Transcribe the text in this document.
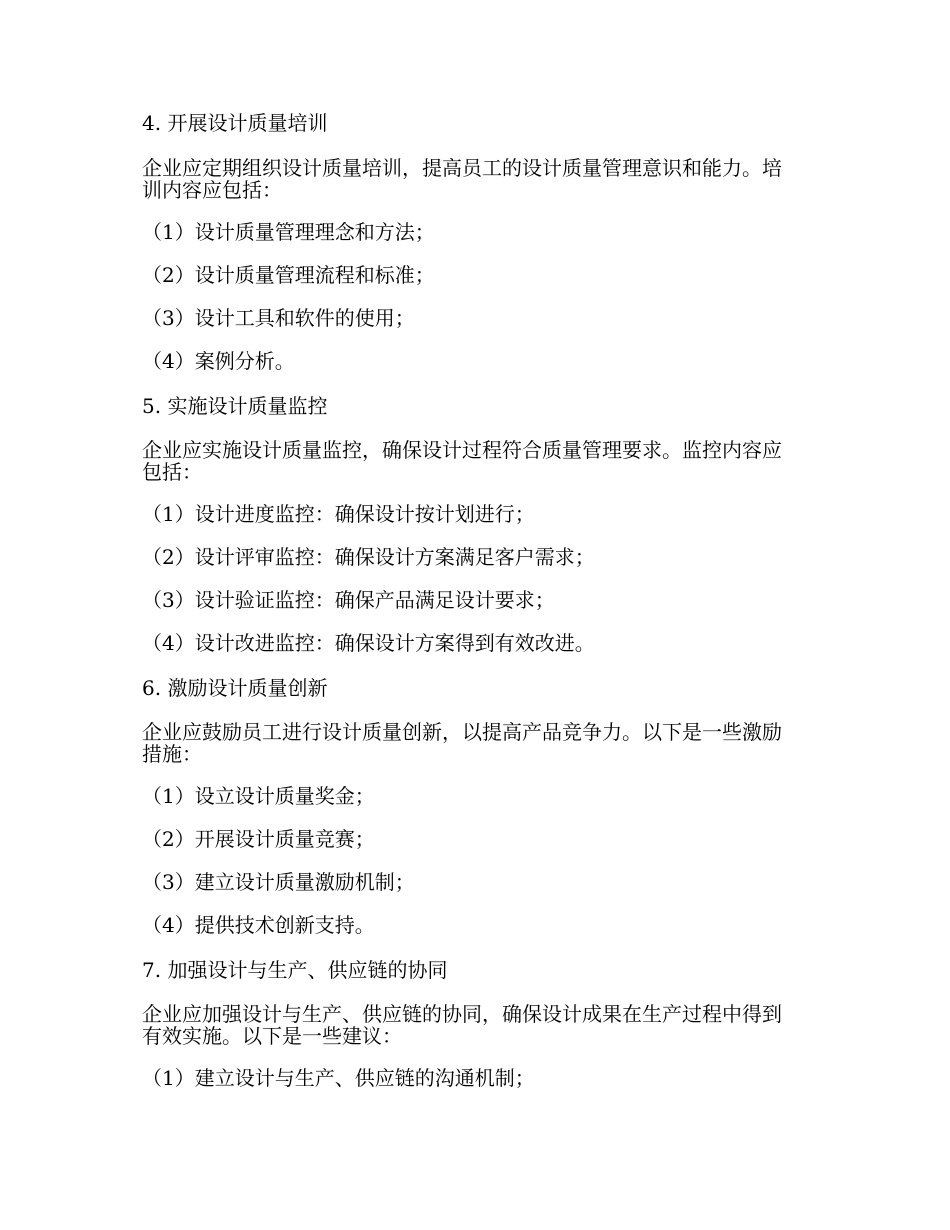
4. 开展设计质量培训
企业应定期组织设计质量培训，提高员工的设计质量管理意识和能力。培训内容应包括：
（1）设计质量管理理念和方法；
（2）设计质量管理流程和标准；
（3）设计工具和软件的使用；
（4）案例分析。
5. 实施设计质量监控
企业应实施设计质量监控，确保设计过程符合质量管理要求。监控内容应包括：
（1）设计进度监控：确保设计按计划进行；
（2）设计评审监控：确保设计方案满足客户需求；
（3）设计验证监控：确保产品满足设计要求；
（4）设计改进监控：确保设计方案得到有效改进。
6. 激励设计质量创新
企业应鼓励员工进行设计质量创新，以提高产品竞争力。以下是一些激励措施：
（1）设立设计质量奖金；
（2）开展设计质量竞赛；
（3）建立设计质量激励机制；
（4）提供技术创新支持。
7. 加强设计与生产、供应链的协同
企业应加强设计与生产、供应链的协同，确保设计成果在生产过程中得到有效实施。以下是一些建议：
（1）建立设计与生产、供应链的沟通机制；
